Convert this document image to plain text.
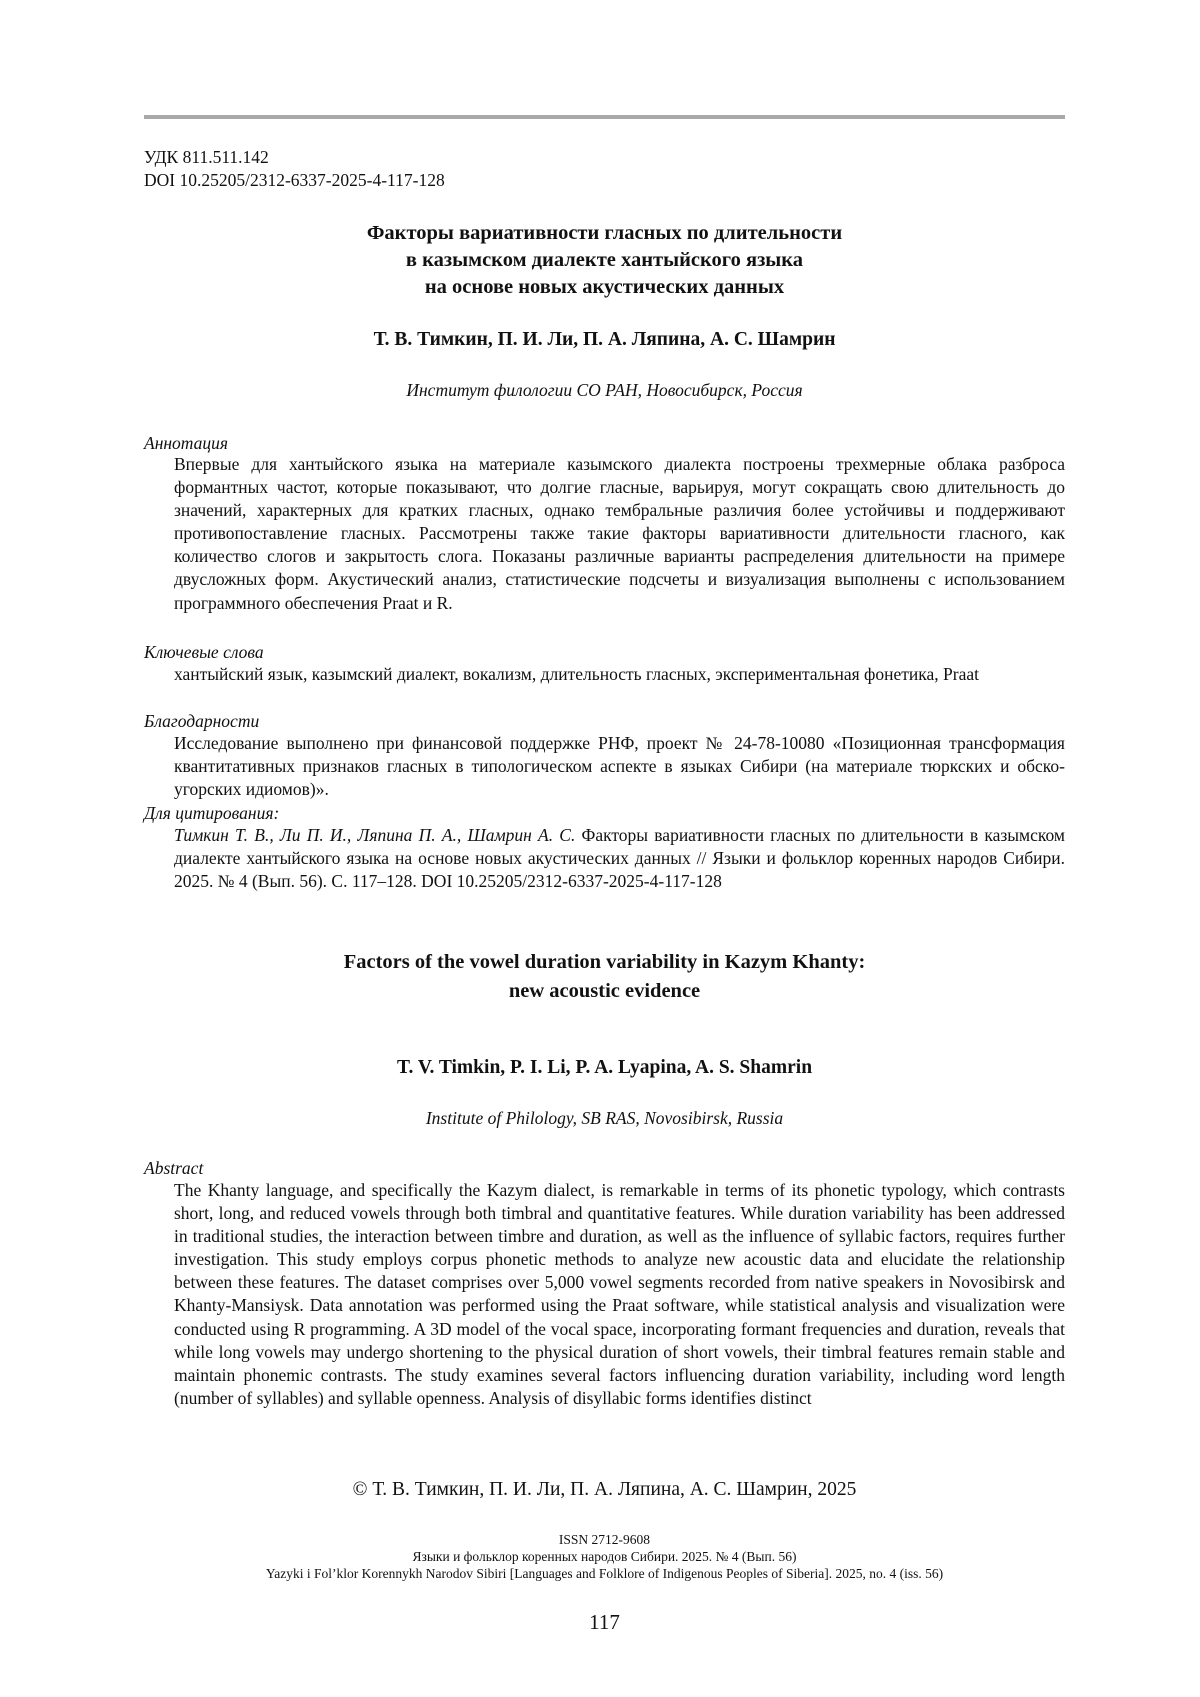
УДК 811.511.142
DOI 10.25205/2312-6337-2025-4-117-128
Факторы вариативности гласных по длительности
в казымском диалекте хантыйского языка
на основе новых акустических данных
Т. В. Тимкин, П. И. Ли, П. А. Ляпина, А. С. Шамрин
Институт филологии СО РАН, Новосибирск, Россия
Аннотация
Впервые для хантыйского языка на материале казымского диалекта построены трехмерные облака разброса формантных частот, которые показывают, что долгие гласные, варьируя, могут сокращать свою длительность до значений, характерных для кратких гласных, однако тембральные различия более устойчивы и поддерживают противопоставление гласных. Рассмотрены также такие факторы вариативности длительности гласного, как количество слогов и закрытость слога. Показаны различные варианты распределения длительности на примере двусложных форм. Акустический анализ, статистические подсчеты и визуализация выполнены с использованием программного обеспечения Praat и R.
Ключевые слова
хантыйский язык, казымский диалект, вокализм, длительность гласных, экспериментальная фонетика, Praat
Благодарности
Исследование выполнено при финансовой поддержке РНФ, проект № 24-78-10080 «Позиционная трансформация квантитативных признаков гласных в типологическом аспекте в языках Сибири (на материале тюркских и обско-угорских идиомов)».
Для цитирования:
Тимкин Т. В., Ли П. И., Ляпина П. А., Шамрин А. С. Факторы вариативности гласных по длительности в казымском диалекте хантыйского языка на основе новых акустических данных // Языки и фольклор коренных народов Сибири. 2025. № 4 (Вып. 56). С. 117–128. DOI 10.25205/2312-6337-2025-4-117-128
Factors of the vowel duration variability in Kazym Khanty:
new acoustic evidence
T. V. Timkin, P. I. Li, P. A. Lyapina, A. S. Shamrin
Institute of Philology, SB RAS, Novosibirsk, Russia
Abstract
The Khanty language, and specifically the Kazym dialect, is remarkable in terms of its phonetic typology, which contrasts short, long, and reduced vowels through both timbral and quantitative features. While duration variability has been addressed in traditional studies, the interaction between timbre and duration, as well as the influence of syllabic factors, requires further investigation. This study employs corpus phonetic methods to analyze new acoustic data and elucidate the relationship between these features. The dataset comprises over 5,000 vowel segments recorded from native speakers in Novosibirsk and Khanty-Mansiysk. Data annotation was performed using the Praat software, while statistical analysis and visualization were conducted using R programming. A 3D model of the vocal space, incorporating formant frequencies and duration, reveals that while long vowels may undergo shortening to the physical duration of short vowels, their timbral features remain stable and maintain phonemic contrasts. The study examines several factors influencing duration variability, including word length (number of syllables) and syllable openness. Analysis of disyllabic forms identifies distinct
© Т. В. Тимкин, П. И. Ли, П. А. Ляпина, А. С. Шамрин, 2025
ISSN 2712-9608
Языки и фольклор коренных народов Сибири. 2025. № 4 (Вып. 56)
Yazyki i Fol’klor Korennykh Narodov Sibiri [Languages and Folklore of Indigenous Peoples of Siberia]. 2025, no. 4 (iss. 56)
117
